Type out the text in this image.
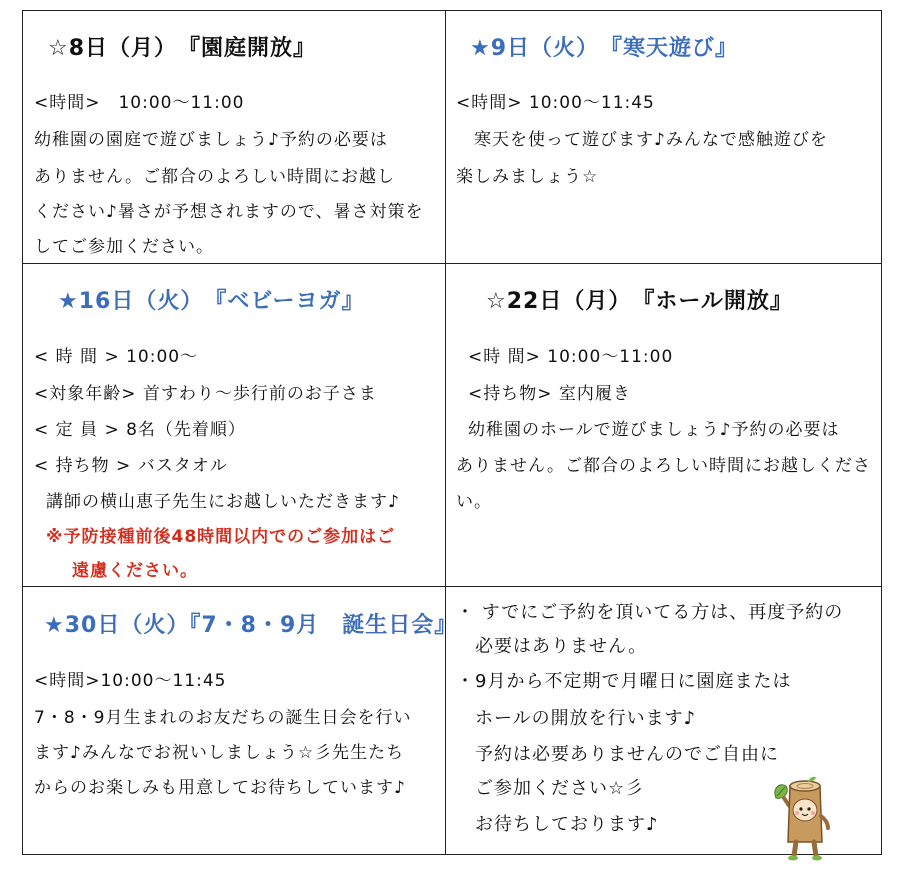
☆8日（月）　『園庭開放』
<時間>　10:00～11:00
幼稚園の園庭で遊びましょう♪予約の必要は
ありません。ご都合のよろしい時間にお越し
ください♪暑さが予想されますので、暑さ対策を
してご参加ください。
★9日（火）　『寒天遊び』
<時間> 10:00～11:45
　寒天を使って遊びます♪みんなで感触遊びを
楽しみましょう☆
★16日（火）　『ベビーヨガ』
< 時 間 > 10:00～
<対象年齢> 首すわり～歩行前のお子さま
< 定 員 > 8名（先着順）
< 持ち物 > バスタオル
講師の横山恵子先生にお越しいただきます♪
※予防接種前後48時間以内でのご参加はご
遠慮ください。
☆22日（月）　『ホール開放』
<時 間> 10:00～11:00
<持ち物> 室内履き
幼稚園のホールで遊びましょう♪予約の必要は
ありません。ご都合のよろしい時間にお越しくださ
い。
★30日（火）『7・8・9月　誕生日会』
<時間>10:00～11:45
7・8・9月生まれのお友だちの誕生日会を行い
ます♪みんなでお祝いしましょう☆彡先生たち
からのお楽しみも用意してお待ちしています♪
・ すでにご予約を頂いてる方は、再度予約の
　必要はありません。
・9月から不定期で月曜日に園庭または
　ホールの開放を行います♪
　予約は必要ありませんのでご自由に
　ご参加ください☆彡
　お待ちしております♪
